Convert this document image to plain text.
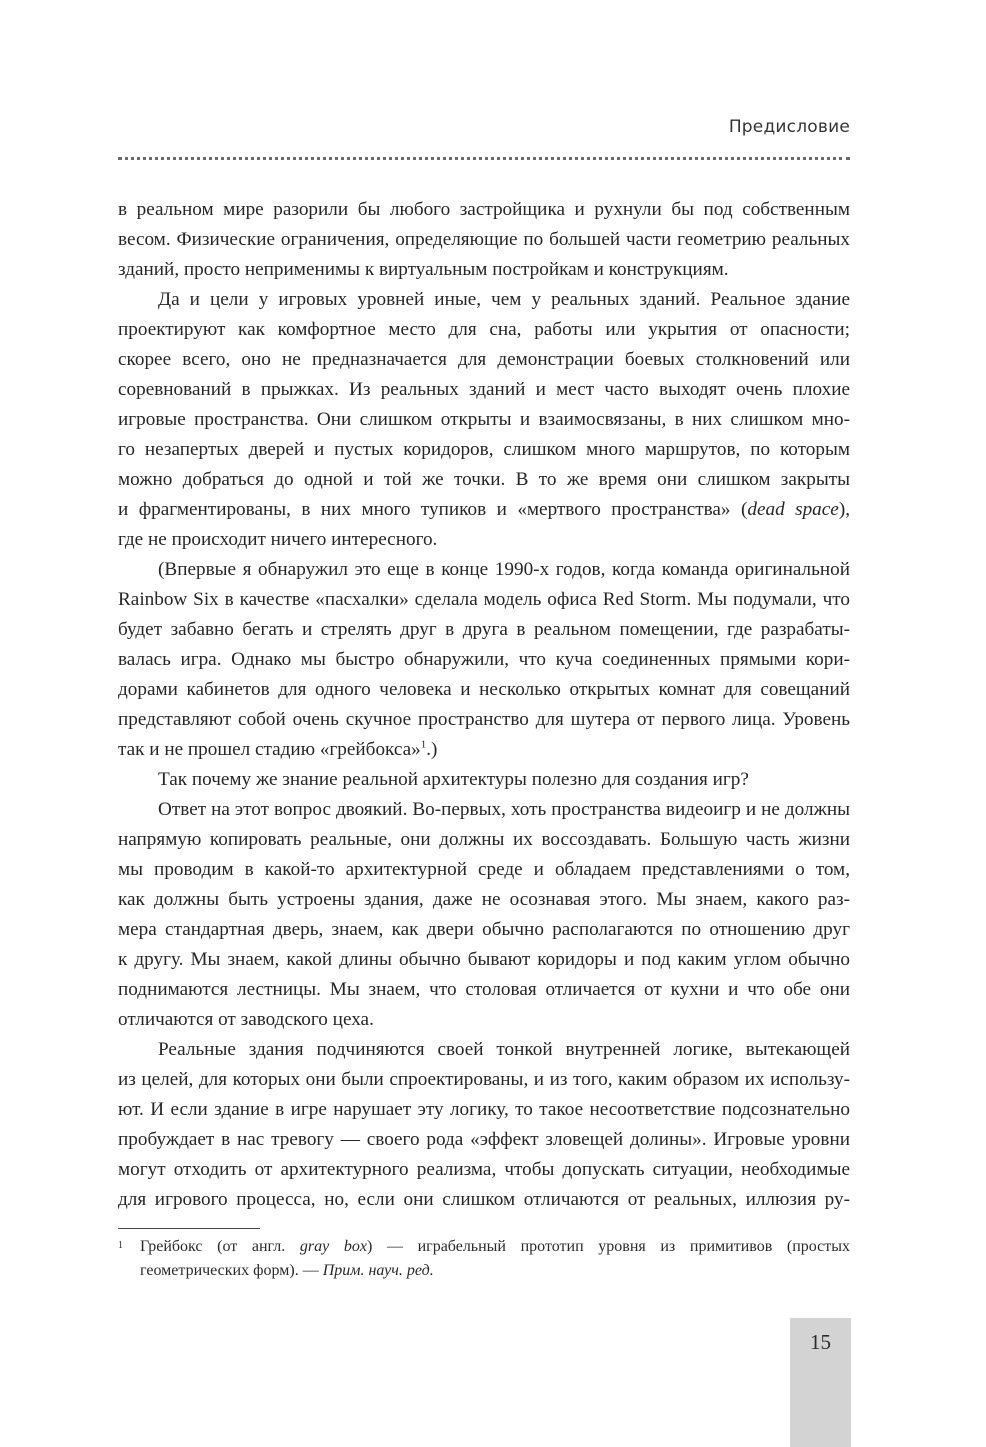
Предисловие
в реальном мире разорили бы любого застройщика и рухнули бы под собственным
весом. Физические ограничения, определяющие по большей части геометрию реальных
зданий, просто неприменимы к виртуальным постройкам и конструкциям.
Да и цели у игровых уровней иные, чем у реальных зданий. Реальное здание
проектируют как комфортное место для сна, работы или укрытия от опасности;
скорее всего, оно не предназначается для демонстрации боевых столкновений или
соревнований в прыжках. Из реальных зданий и мест часто выходят очень плохие
игровые пространства. Они слишком открыты и взаимосвязаны, в них слишком мно-
го незапертых дверей и пустых коридоров, слишком много маршрутов, по которым
можно добраться до одной и той же точки. В то же время они слишком закрыты
и фрагментированы, в них много тупиков и «мертвого пространства» (dead space),
где не происходит ничего интересного.
(Впервые я обнаружил это еще в конце 1990-х годов, когда команда оригинальной
Rainbow Six в качестве «пасхалки» сделала модель офиса Red Storm. Мы подумали, что
будет забавно бегать и стрелять друг в друга в реальном помещении, где разрабаты-
валась игра. Однако мы быстро обнаружили, что куча соединенных прямыми кори-
дорами кабинетов для одного человека и несколько открытых комнат для совещаний
представляют собой очень скучное пространство для шутера от первого лица. Уровень
так и не прошел стадию «грейбокса»$^1$.)
Так почему же знание реальной архитектуры полезно для создания игр?
Ответ на этот вопрос двоякий. Во-первых, хоть пространства видеоигр и не должны
напрямую копировать реальные, они должны их воссоздавать. Большую часть жизни
мы проводим в какой-то архитектурной среде и обладаем представлениями о том,
как должны быть устроены здания, даже не осознавая этого. Мы знаем, какого раз-
мера стандартная дверь, знаем, как двери обычно располагаются по отношению друг
к другу. Мы знаем, какой длины обычно бывают коридоры и под каким углом обычно
поднимаются лестницы. Мы знаем, что столовая отличается от кухни и что обе они
отличаются от заводского цеха.
Реальные здания подчиняются своей тонкой внутренней логике, вытекающей
из целей, для которых они были спроектированы, и из того, каким образом их использу-
ют. И если здание в игре нарушает эту логику, то такое несоответствие подсознательно
пробуждает в нас тревогу — своего рода «эффект зловещей долины». Игровые уровни
могут отходить от архитектурного реализма, чтобы допускать ситуации, необходимые
для игрового процесса, но, если они слишком отличаются от реальных, иллюзия ру-
1 Грейбокс (от англ. gray box) — играбельный прототип уровня из примитивов (простых
геометрических форм). — Прим. науч. ред.
15
